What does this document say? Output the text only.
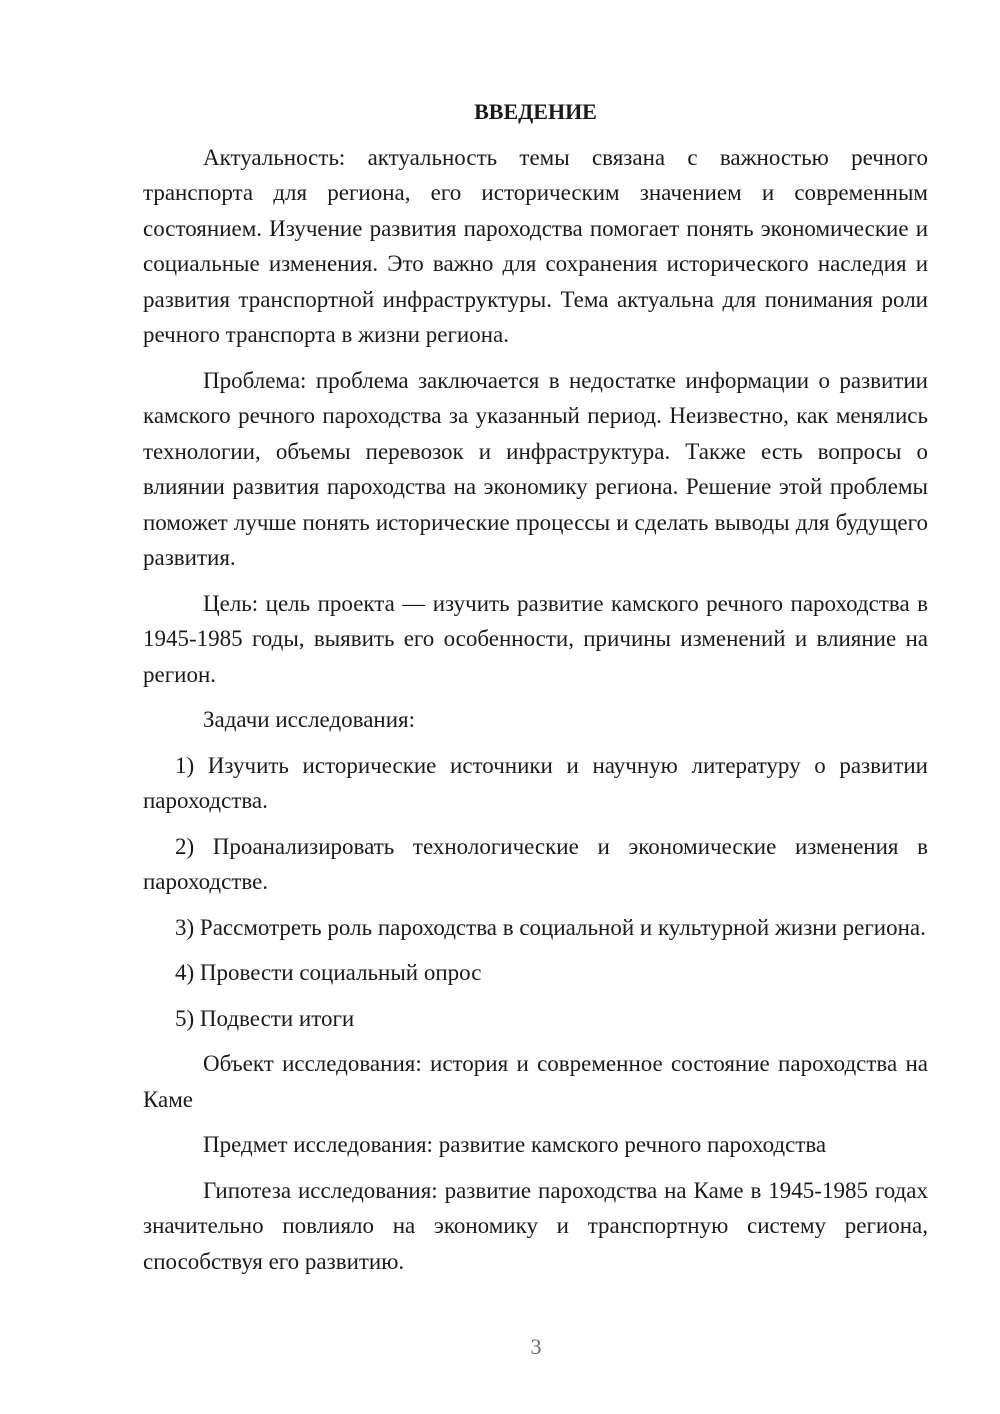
ВВЕДЕНИЕ

Актуальность: актуальность темы связана с важностью речного транспорта для региона, его историческим значением и современным состоянием. Изучение развития пароходства помогает понять экономические и социальные изменения. Это важно для сохранения исторического наследия и развития транспортной инфраструктуры. Тема актуальна для понимания роли речного транспорта в жизни региона.

Проблема: проблема заключается в недостатке информации о развитии камского речного пароходства за указанный период. Неизвестно, как менялись технологии, объемы перевозок и инфраструктура. Также есть вопросы о влиянии развития пароходства на экономику региона. Решение этой проблемы поможет лучше понять исторические процессы и сделать выводы для будущего развития.

Цель: цель проекта — изучить развитие камского речного пароходства в 1945-1985 годы, выявить его особенности, причины изменений и влияние на регион.

Задачи исследования:

1) Изучить исторические источники и научную литературу о развитии пароходства.

2) Проанализировать технологические и экономические изменения в пароходстве.

3) Рассмотреть роль пароходства в социальной и культурной жизни региона.

4) Провести социальный опрос

5) Подвести итоги

Объект исследования: история и современное состояние пароходства на Каме

Предмет исследования: развитие камского речного пароходства

Гипотеза исследования: развитие пароходства на Каме в 1945-1985 годах значительно повлияло на экономику и транспортную систему региона, способствуя его развитию.

3
